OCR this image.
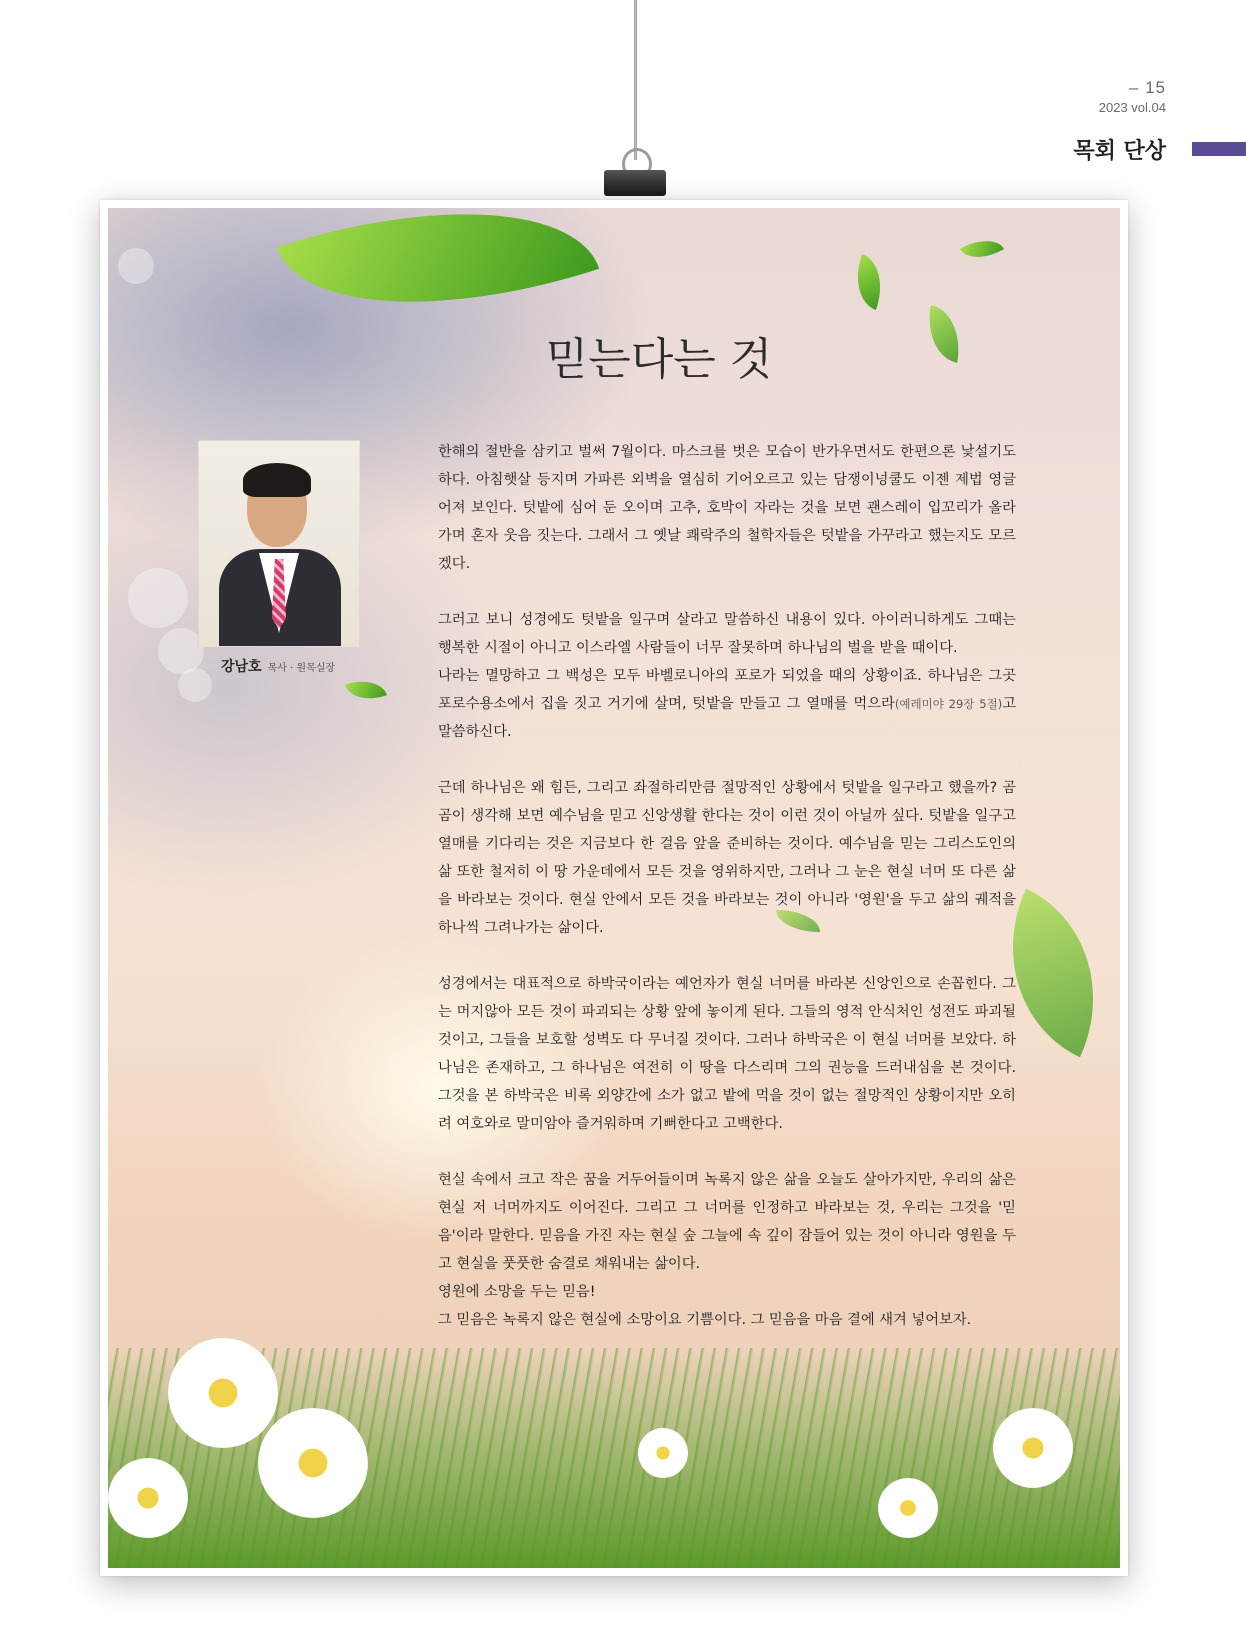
– 15
2023 vol.04
목회 단상
믿는다는 것
강남호 목사 · 원목실장

한해의 절반을 삼키고 벌써 7월이다. 마스크를 벗은 모습이 반가우면서도 한편으론 낯설기도 하다. 아침햇살 등지며 가파른 외벽을 열심히 기어오르고 있는 담쟁이넝쿨도 이젠 제법 영글어져 보인다. 텃밭에 심어 둔 오이며 고추, 호박이 자라는 것을 보면 괜스레이 입꼬리가 올라가며 혼자 웃음 짓는다. 그래서 그 옛날 쾌락주의 철학자들은 텃밭을 가꾸라고 했는지도 모르겠다.

그러고 보니 성경에도 텃밭을 일구며 살라고 말씀하신 내용이 있다. 아이러니하게도 그때는 행복한 시절이 아니고 이스라엘 사람들이 너무 잘못하며 하나님의 벌을 받을 때이다.
나라는 멸망하고 그 백성은 모두 바벨로니아의 포로가 되었을 때의 상황이죠. 하나님은 그곳 포로수용소에서 집을 짓고 거기에 살며, 텃밭을 만들고 그 열매를 먹으라(예레미야 29장 5절)고 말씀하신다.

근데 하나님은 왜 힘든, 그리고 좌절하리만큼 절망적인 상황에서 텃밭을 일구라고 했을까? 곰곰이 생각해 보면 예수님을 믿고 신앙생활 한다는 것이 이런 것이 아닐까 싶다. 텃밭을 일구고 열매를 기다리는 것은 지금보다 한 걸음 앞을 준비하는 것이다. 예수님을 믿는 그리스도인의 삶 또한 철저히 이 땅 가운데에서 모든 것을 영위하지만, 그러나 그 눈은 현실 너머 또 다른 삶을 바라보는 것이다. 현실 안에서 모든 것을 바라보는 것이 아니라 '영원'을 두고 삶의 궤적을 하나씩 그려나가는 삶이다.

성경에서는 대표적으로 하박국이라는 예언자가 현실 너머를 바라본 신앙인으로 손꼽힌다. 그는 머지않아 모든 것이 파괴되는 상황 앞에 놓이게 된다. 그들의 영적 안식처인 성전도 파괴될 것이고, 그들을 보호할 성벽도 다 무너질 것이다. 그러나 하박국은 이 현실 너머를 보았다. 하나님은 존재하고, 그 하나님은 여전히 이 땅을 다스리며 그의 권능을 드러내심을 본 것이다. 그것을 본 하박국은 비록 외양간에 소가 없고 밭에 먹을 것이 없는 절망적인 상황이지만 오히려 여호와로 말미암아 즐거워하며 기뻐한다고 고백한다.

현실 속에서 크고 작은 꿈을 거두어들이며 녹록지 않은 삶을 오늘도 살아가지만, 우리의 삶은 현실 저 너머까지도 이어진다. 그리고 그 너머를 인정하고 바라보는 것, 우리는 그것을 '믿음'이라 말한다. 믿음을 가진 자는 현실 숲 그늘에 속 깊이 잠들어 있는 것이 아니라 영원을 두고 현실을 풋풋한 숨결로 채워내는 삶이다.
영원에 소망을 두는 믿음!
그 믿음은 녹록지 않은 현실에 소망이요 기쁨이다. 그 믿음을 마음 결에 새겨 넣어보자.
